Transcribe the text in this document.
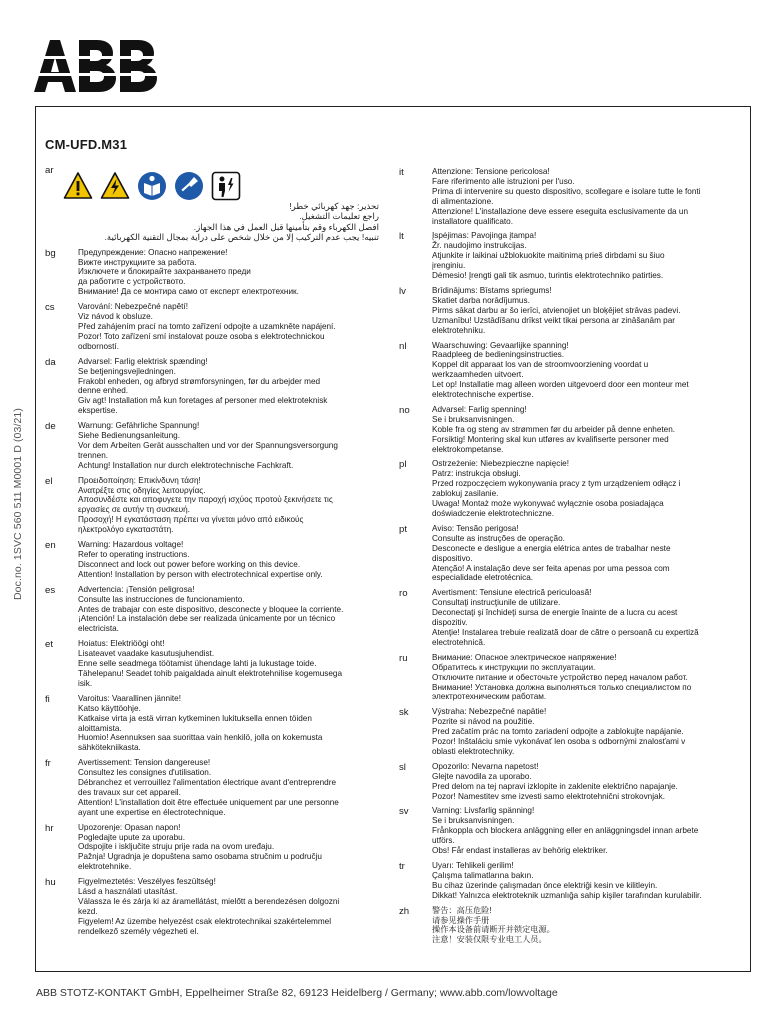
Doc.no. 1SVC 560 511 M0001 D (03/21)
CM-UFD.M31
ar
تحذير: جهد كهربائي خطر!
راجع تعليمات التشغيل.
افصل الكهرباء وقم بتأمينها قبل العمل في هذا الجهاز.
تنبيه! يجب عدم التركيب إلا من خلال شخص على دراية بمجال التقنية الكهربائية.
bg	Предупреждение: Опасно напрежение!
Вижте инструкциите за работа.
Изключете и блокирайте захранването преди
да работите с устройството.
Внимание! Да се монтира само от експерт електротехник.
cs	Varování: Nebezpečné napětí!
Viz návod k obsluze.
Před zahájením prací na tomto zařízení odpojte a uzamkněte napájení.
Pozor! Toto zařízení smí instalovat pouze osoba s elektrotechnickou
odborností.
da	Advarsel: Farlig elektrisk spænding!
Se betjeningsvejledningen.
Frakobl enheden, og afbryd strømforsyningen, før du arbejder med
denne enhed.
Giv agt! Installation må kun foretages af personer med elektroteknisk
ekspertise.
de	Warnung: Gefährliche Spannung!
Siehe Bedienungsanleitung.
Vor dem Arbeiten Gerät ausschalten und vor der Spannungsversorgung
trennen.
Achtung! Installation nur durch elektrotechnische Fachkraft.
el	Προειδοποίηση: Επικίνδυνη τάση!
Ανατρέξτε στις οδηγίες λειτουργίας.
Αποσυνδέστε και αποφυγετε την παροχή ισχύος προτού ξεκινήσετε τις
εργασίες σε αυτήν τη συσκευή.
Προσοχή! Η εγκατάσταση πρέπει να γίνεται μόνο από ειδικούς
ηλεκτρολόγο εγκαταστάτη.
en	Warning: Hazardous voltage!
Refer to operating instructions.
Disconnect and lock out power before working on this device.
Attention! Installation by person with electrotechnical expertise only.
es	Advertencia: ¡Tensión peligrosa!
Consulte las instrucciones de funcionamiento.
Antes de trabajar con este dispositivo, desconecte y bloquee la corriente.
¡Atención! La instalación debe ser realizada únicamente por un técnico
electricista.
et	Hoiatus: Elektriöögi oht!
Lisateavet vaadake kasutusjuhendist.
Enne selle seadmega töötamist ühendage lahti ja lukustage toide.
Tähelepanu! Seadet tohib paigaldada ainult elektrotehnilise kogemusega
isik.
fi	Varoitus: Vaarallinen jännite!
Katso käyttöohje.
Katkaise virta ja estä virran kytkeminen lukituksella ennen töiden
aloittamista.
Huomio! Asennuksen saa suorittaa vain henkilö, jolla on kokemusta
sähkötekniikasta.
fr	Avertissement: Tension dangereuse!
Consultez les consignes d'utilisation.
Débranchez et verrouillez l'alimentation électrique avant d'entreprendre
des travaux sur cet appareil.
Attention! L'installation doit être effectuée uniquement par une personne
ayant une expertise en électrotechnique.
hr	Upozorenje: Opasan napon!
Pogledajte upute za uporabu.
Odspojite i isključite struju prije rada na ovom uređaju.
Pažnja! Ugradnja je dopuštena samo osobama stručnim u području
elektrotehnike.
hu	Figyelmeztetés: Veszélyes feszültség!
Lásd a használati utasítást.
Válassza le és zárja ki az áramellátást, mielőtt a berendezésen dolgozni
kezd.
Figyelem! Az üzembe helyezést csak elektrotechnikai szakértelemmel
rendelkező személy végezheti el.
it	Attenzione: Tensione pericolosa!
Fare riferimento alle istruzioni per l'uso.
Prima di intervenire su questo dispositivo, scollegare e isolare tutte le fonti
di alimentazione.
Attenzione! L'installazione deve essere eseguita esclusivamente da un
installatore qualificato.
lt	Įspėjimas: Pavojinga įtampa!
Žr. naudojimo instrukcijas.
Atjunkite ir laikinai užblokuokite maitinimą prieš dirbdami su šiuo
įrenginiu.
Dėmesio! Įrengti gali tik asmuo, turintis elektrotechniko patirties.
lv	Brīdinājums: Bīstams spriegums!
Skatiet darba norādījumus.
Pirms sākat darbu ar šo ierīci, atvienojiet un bloķējiet strāvas padevi.
Uzmanību! Uzstādīšanu drīkst veikt tikai persona ar zināšanām par
elektrotehniku.
nl	Waarschuwing: Gevaarlijke spanning!
Raadpleeg de bedieningsinstructies.
Koppel dit apparaat los van de stroomvoorziening voordat u
werkzaamheden uitvoert.
Let op! Installatie mag alleen worden uitgevoerd door een monteur met
elektrotechnische expertise.
no	Advarsel: Farlig spenning!
Se i bruksanvisningen.
Koble fra og steng av strømmen før du arbeider på denne enheten.
Forsiktig! Montering skal kun utføres av kvalifiserte personer med
elektrokompetanse.
pl	Ostrzeżenie: Niebezpieczne napięcie!
Patrz: instrukcja obsługi.
Przed rozpoczęciem wykonywania pracy z tym urządzeniem odłącz i
zablokuj zasilanie.
Uwaga! Montaż może wykonywać wyłącznie osoba posiadająca
doświadczenie elektrotechniczne.
pt	Aviso: Tensão perigosa!
Consulte as instruções de operação.
Desconecte e desligue a energia elétrica antes de trabalhar neste
dispositivo.
Atenção! A instalação deve ser feita apenas por uma pessoa com
especialidade eletrotécnica.
ro	Avertisment: Tensiune electrică periculoasă!
Consultaţi instrucţiunile de utilizare.
Deconectaţi şi închideţi sursa de energie înainte de a lucra cu acest
dispozitiv.
Atenţie! Instalarea trebuie realizată doar de către o persoană cu expertiză
electrotehnică.
ru	Внимание: Опасное электрическое напряжение!
Обратитесь к инструкции по эксплуатации.
Отключите питание и обесточьте устройство перед началом работ.
Внимание! Установка должна выполняться только специалистом по
электротехническим работам.
sk	Výstraha: Nebezpečné napätie!
Pozrite si návod na použitie.
Pred začatím prác na tomto zariadení odpojte a zablokujte napájanie.
Pozor! Inštaláciu smie vykonávať len osoba s odbornými znalosťami v
oblasti elektrotechniky.
sl	Opozorilo: Nevarna napetost!
Glejte navodila za uporabo.
Pred delom na tej napravi izklopite in zaklenite električno napajanje.
Pozor! Namestitev sme izvesti samo elektrotehnični strokovnjak.
sv	Varning: Livsfarlig spänning!
Se i bruksanvisningen.
Frånkoppla och blockera anläggning eller en anläggningsdel innan arbete
utförs.
Obs! Får endast installeras av behörig elektriker.
tr	Uyarı: Tehlikeli gerilim!
Çalışma talimatlarına bakın.
Bu cihaz üzerinde çalışmadan önce elektriği kesin ve kilitleyin.
Dikkat! Yalnızca elektroteknik uzmanlığa sahip kişiler tarafından kurulabilir.
zh	警告：高压危险!
请参见操作手册
操作本设备前请断开并锁定电源。
注意！安装仅限专业电工人员。
ABB STOTZ-KONTAKT GmbH, Eppelheimer Straße 82, 69123 Heidelberg / Germany; www.abb.com/lowvoltage
